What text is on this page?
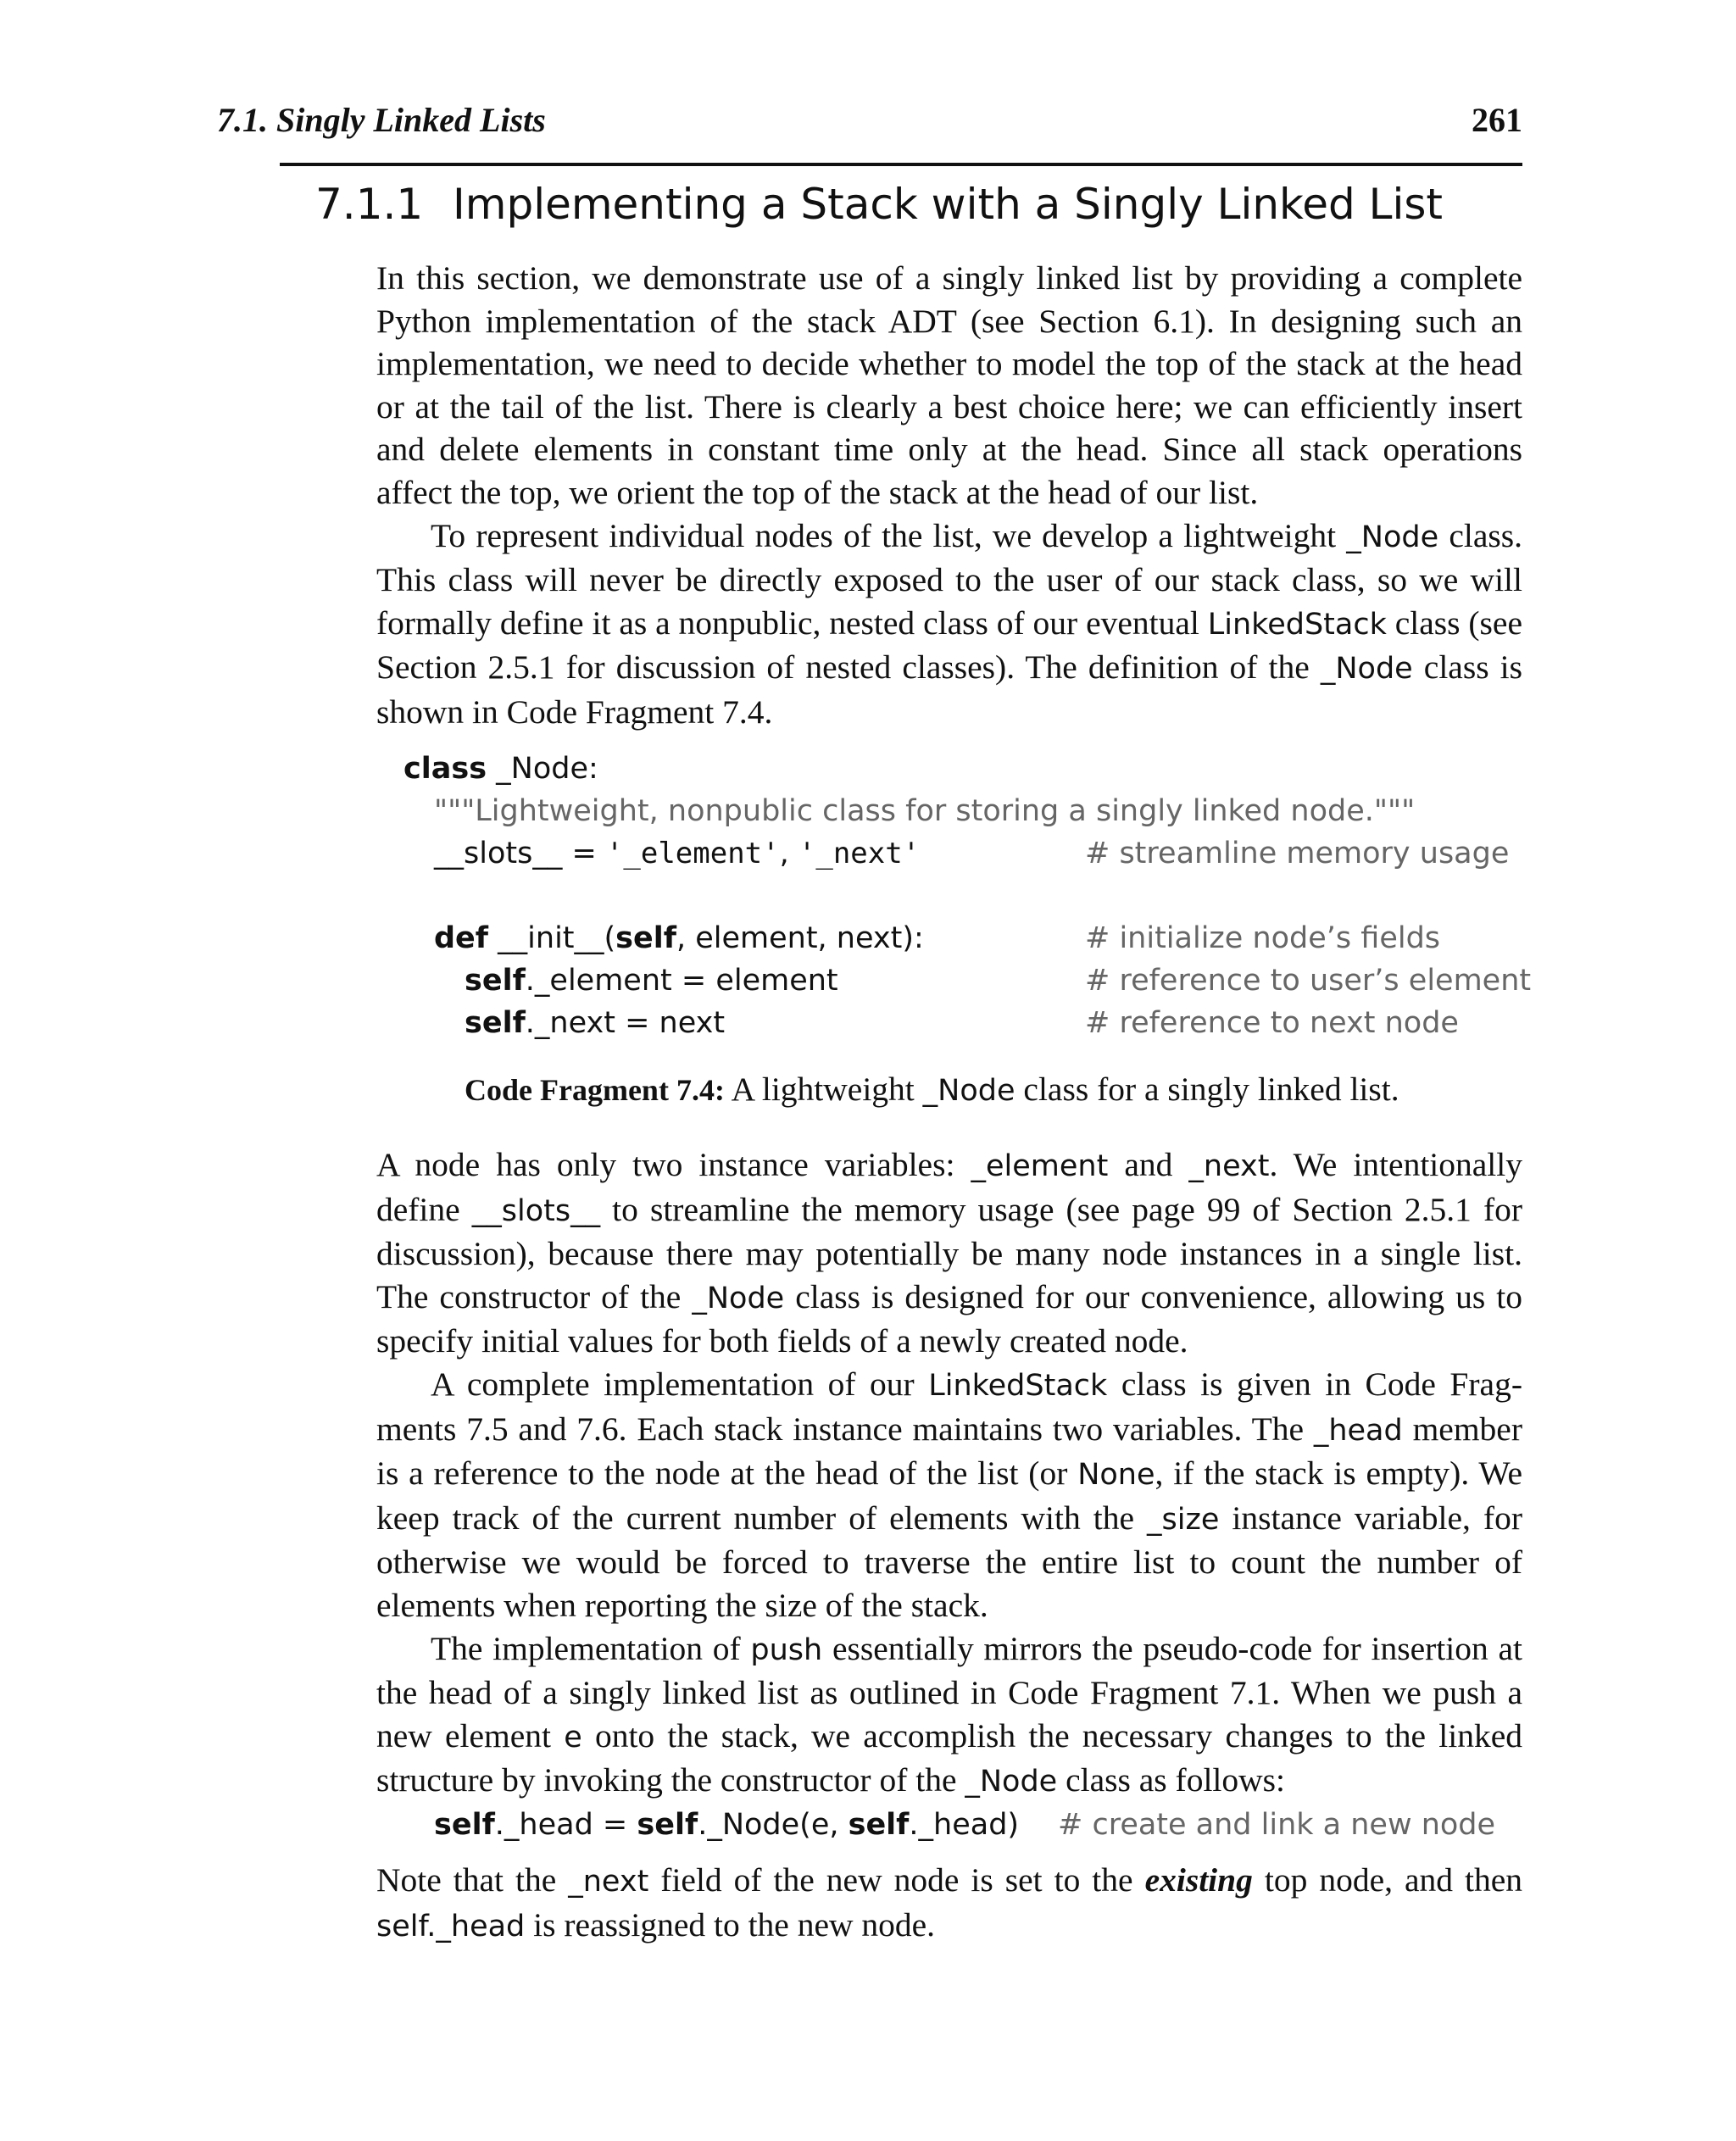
7.1. Singly Linked Lists	261
7.1.1 Implementing a Stack with a Singly Linked List

In this section, we demonstrate use of a singly linked list by providing a complete Python implementation of the stack ADT (see Section 6.1). In designing such an implementation, we need to decide whether to model the top of the stack at the head or at the tail of the list. There is clearly a best choice here; we can efficiently insert and delete elements in constant time only at the head. Since all stack operations affect the top, we orient the top of the stack at the head of our list.

To represent individual nodes of the list, we develop a lightweight _Node class. This class will never be directly exposed to the user of our stack class, so we will formally define it as a nonpublic, nested class of our eventual LinkedStack class (see Section 2.5.1 for discussion of nested classes). The definition of the _Node class is shown in Code Fragment 7.4.

class _Node:

"""Lightweight, nonpublic class for storing a singly linked node."""

__slots__ = '_element', '_next'

	# streamline memory usage

def __init__(self, element, next):

	# initialize node’s fields

self._element = element

	# reference to user’s element

self._next = next

	# reference to next node

Code Fragment 7.4: A lightweight _Node class for a singly linked list.

A node has only two instance variables: _element and _next. We intentionally define __slots__ to streamline the memory usage (see page 99 of Section 2.5.1 for discussion), because there may potentially be many node instances in a single list. The constructor of the _Node class is designed for our convenience, allowing us to specify initial values for both fields of a newly created node.

A complete implementation of our LinkedStack class is given in Code Fragments 7.5 and 7.6. Each stack instance maintains two variables. The _head member is a reference to the node at the head of the list (or None, if the stack is empty). We keep track of the current number of elements with the _size instance variable, for otherwise we would be forced to traverse the entire list to count the number of elements when reporting the size of the stack.

The implementation of push essentially mirrors the pseudo-code for insertion at the head of a singly linked list as outlined in Code Fragment 7.1. When we push a new element e onto the stack, we accomplish the necessary changes to the linked structure by invoking the constructor of the _Node class as follows:

self._head = self._Node(e, self._head)

# create and link a new node

Note that the _next field of the new node is set to the existing top node, and then self._head is reassigned to the new node.
